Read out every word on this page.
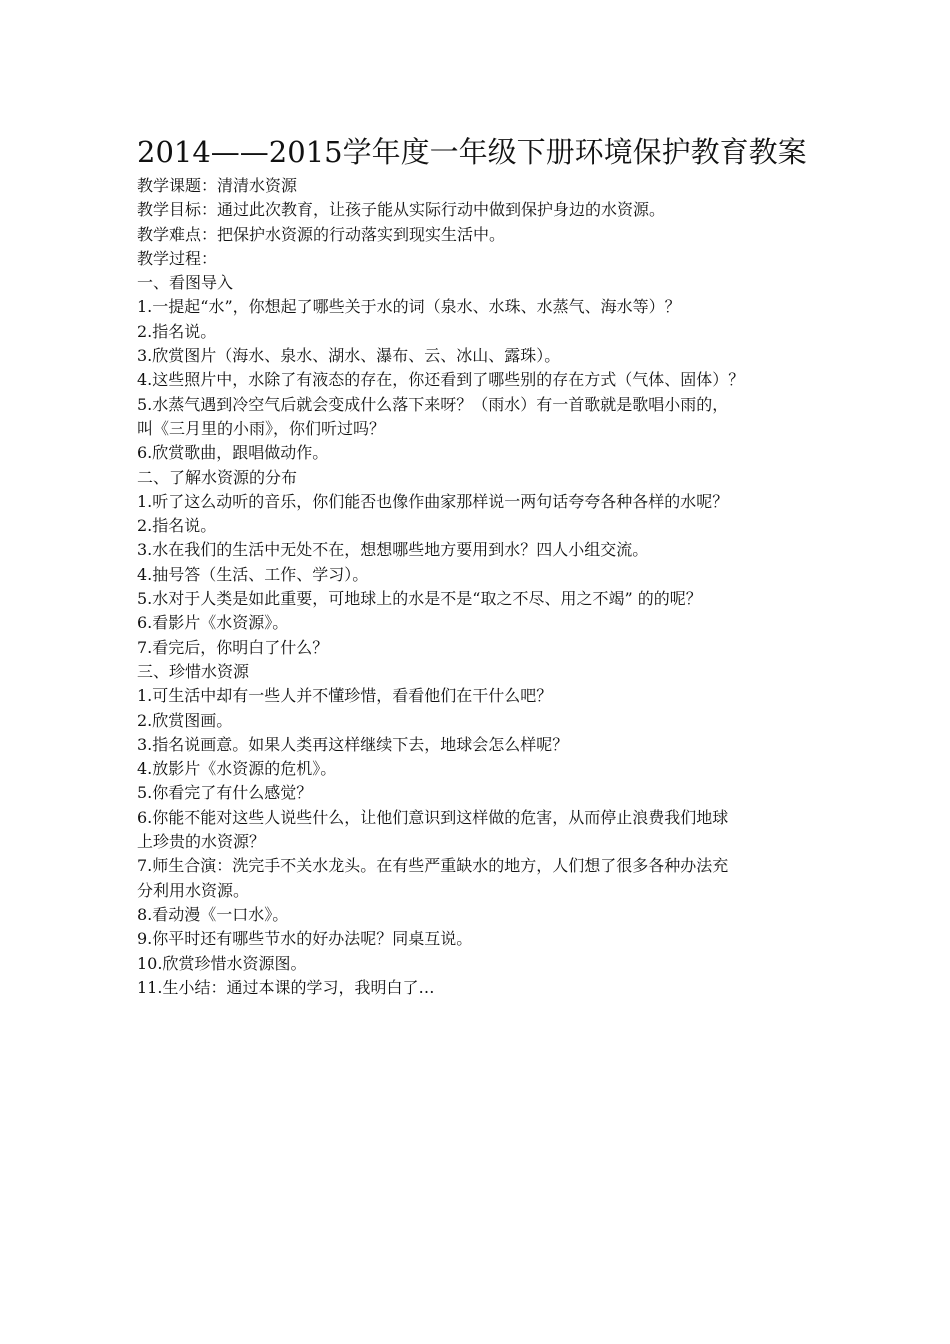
2014——2015学年度一年级下册环境保护教育教案
教学课题：清清水资源
教学目标：通过此次教育，让孩子能从实际行动中做到保护身边的水资源。
教学难点：把保护水资源的行动落实到现实生活中。
教学过程：
一、看图导入
1.一提起“水”，你想起了哪些关于水的词（泉水、水珠、水蒸气、海水等）？
2.指名说。
3.欣赏图片（海水、泉水、湖水、瀑布、云、冰山、露珠）。
4.这些照片中，水除了有液态的存在，你还看到了哪些别的存在方式（气体、固体）？
5.水蒸气遇到冷空气后就会变成什么落下来呀？（雨水）有一首歌就是歌唱小雨的，
叫《三月里的小雨》，你们听过吗？
6.欣赏歌曲，跟唱做动作。
二、了解水资源的分布
1.听了这么动听的音乐，你们能否也像作曲家那样说一两句话夸夸各种各样的水呢？
2.指名说。
3.水在我们的生活中无处不在，想想哪些地方要用到水？四人小组交流。
4.抽号答（生活、工作、学习）。
5.水对于人类是如此重要，可地球上的水是不是“取之不尽、用之不竭” 的的呢？
6.看影片《水资源》。
7.看完后，你明白了什么？
三、珍惜水资源
1.可生活中却有一些人并不懂珍惜，看看他们在干什么吧？
2.欣赏图画。
3.指名说画意。如果人类再这样继续下去，地球会怎么样呢？
4.放影片《水资源的危机》。
5.你看完了有什么感觉？
6.你能不能对这些人说些什么，让他们意识到这样做的危害，从而停止浪费我们地球
上珍贵的水资源？
7.师生合演：洗完手不关水龙头。在有些严重缺水的地方，人们想了很多各种办法充
分利用水资源。
8.看动漫《一口水》。
9.你平时还有哪些节水的好办法呢？同桌互说。
10.欣赏珍惜水资源图。
11.生小结：通过本课的学习，我明白了…
